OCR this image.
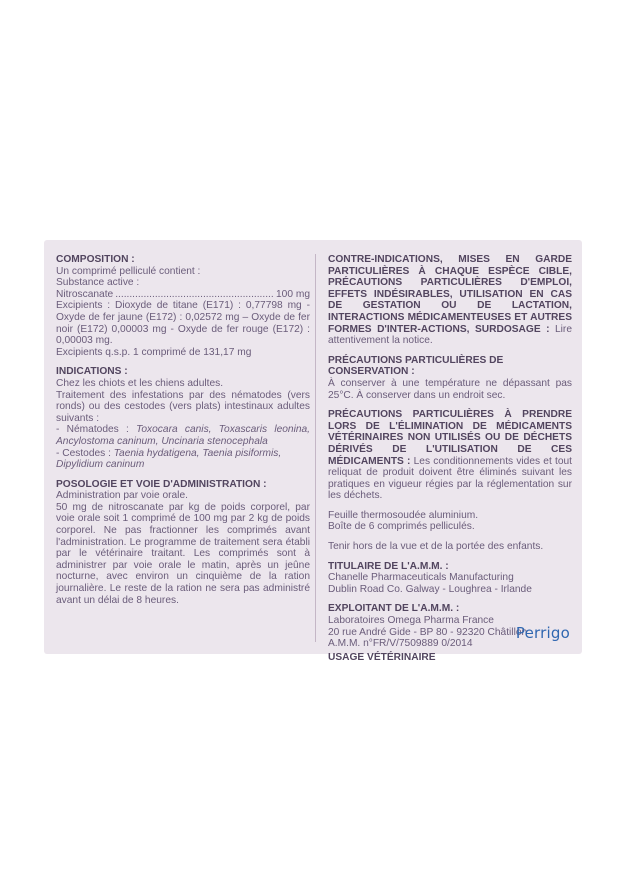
COMPOSITION :

Un comprimé pelliculé contient :

Substance active :

Nitroscanate
.....	100 mg

Excipients : Dioxyde de titane (E171) : 0,77798 mg - Oxyde de fer jaune (E172) : 0,02572 mg – Oxyde de fer noir (E172) 0,00003 mg - Oxyde de fer rouge (E172) : 0,00003 mg.

Excipients q.s.p. 1 comprimé de 131,17 mg

INDICATIONS :

Chez les chiots et les chiens adultes.

Traitement des infestations par des nématodes (vers ronds) ou des cestodes (vers plats) intestinaux adultes suivants :

- Nématodes : Toxocara canis, Toxascaris leonina, Ancylostoma caninum, Uncinaria stenocephala

- Cestodes : Taenia hydatigena, Taenia pisiformis, Dipylidium caninum

POSOLOGIE ET VOIE D'ADMINISTRATION :

Administration par voie orale.

50 mg de nitroscanate par kg de poids corporel, par voie orale soit 1 comprimé de 100 mg par 2 kg de poids corporel. Ne pas fractionner les comprimés avant l'administration. Le programme de traitement sera établi par le vétérinaire traitant. Les comprimés sont à administrer par voie orale le matin, après un jeûne nocturne, avec environ un cinquième de la ration journalière. Le reste de la ration ne sera pas administré avant un délai de 8 heures.

CONTRE-INDICATIONS, MISES EN GARDE PARTICULIÈRES À CHAQUE ESPÈCE CIBLE, PRÉCAUTIONS PARTICULIÈRES D'EMPLOI, EFFETS INDÉSIRABLES, UTILISATION EN CAS DE GESTATION OU DE LACTATION, INTERACTIONS MÉDICAMENTEUSES ET AUTRES FORMES D'INTER-ACTIONS, SURDOSAGE : Lire attentivement la notice.

PRÉCAUTIONS PARTICULIÈRES DE CONSERVATION :

À conserver à une température ne dépassant pas 25°C. À conserver dans un endroit sec.

PRÉCAUTIONS PARTICULIÈRES À PRENDRE LORS DE L'ÉLIMINATION DE MÉDICAMENTS VÉTÉRINAIRES NON UTILISÉS OU DE DÉCHETS DÉRIVÉS DE L'UTILISATION DE CES MÉDICAMENTS : Les conditionnements vides et tout reliquat de produit doivent être éliminés suivant les pratiques en vigueur régies par la réglementation sur les déchets.

Feuille thermosoudée aluminium.

Boîte de 6 comprimés pelliculés.

Tenir hors de la vue et de la portée des enfants.

TITULAIRE DE L'A.M.M. :

Chanelle Pharmaceuticals Manufacturing

Dublin Road Co. Galway - Loughrea - Irlande

EXPLOITANT DE L'A.M.M. :

Laboratoires Omega Pharma France

20 rue André Gide - BP 80 - 92320 Châtillon

A.M.M. n°FR/V/7509889 0/2014

USAGE VÉTÉRINAIRE

Perrigo
